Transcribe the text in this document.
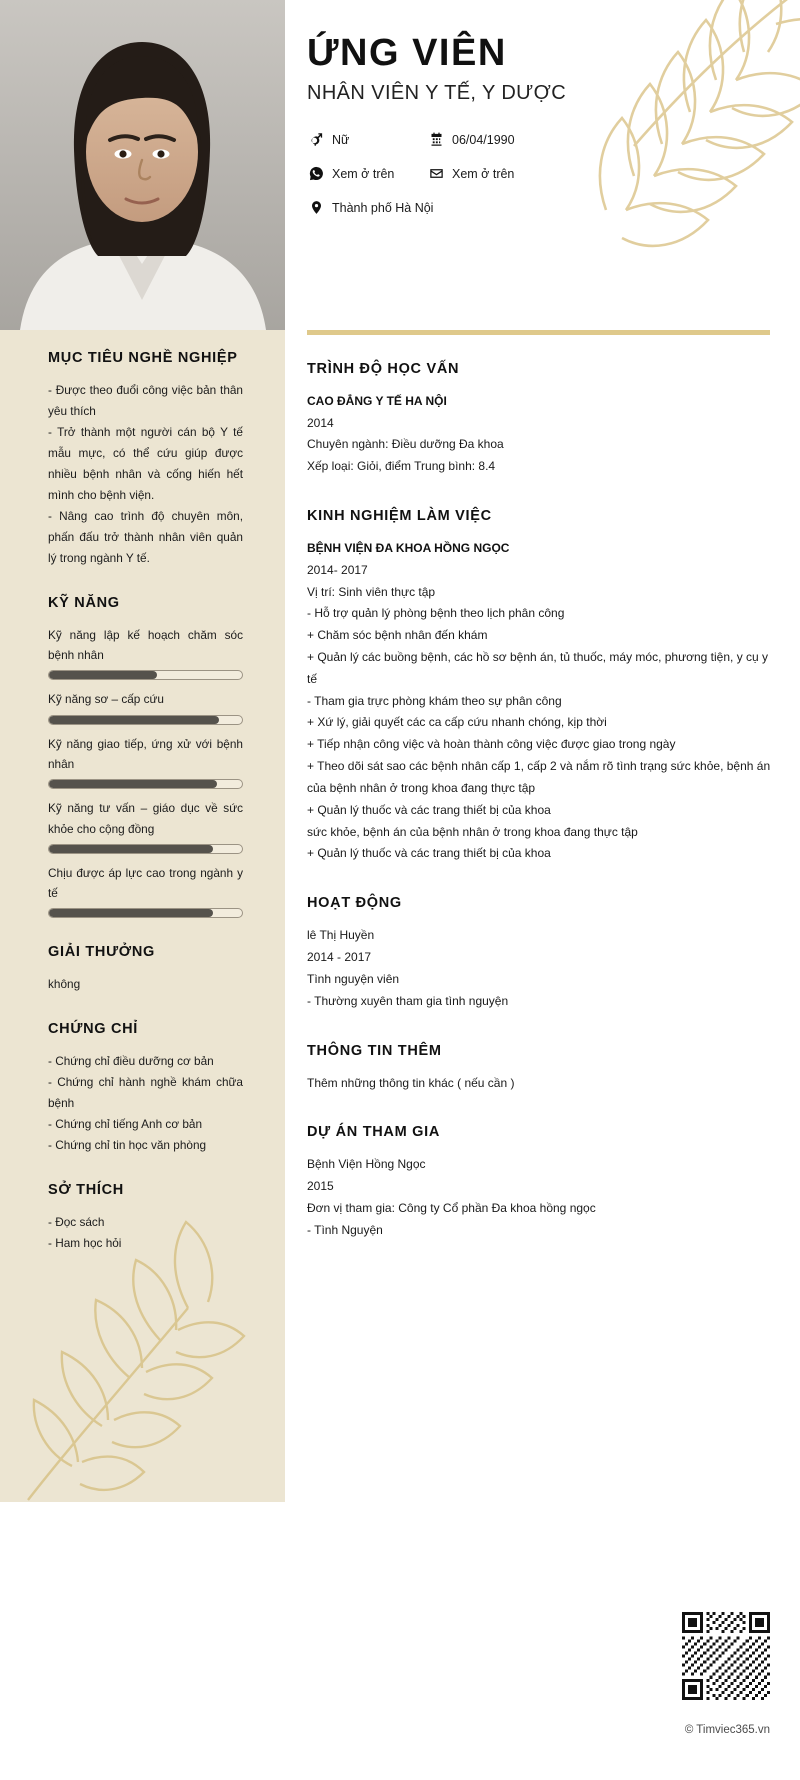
MỤC TIÊU NGHỀ NGHIỆP

- Được theo đuổi công việc bản thân yêu thích

- Trở thành một người cán bộ Y tế mẫu mực, có thể cứu giúp được nhiều bệnh nhân và cống hiến hết mình cho bệnh viện.

- Nâng cao trình độ chuyên môn, phấn đấu trở thành nhân viên quản lý trong ngành Y tế.

KỸ NĂNG
Kỹ năng lập kế hoạch chăm sóc bệnh nhân
Kỹ năng sơ – cấp cứu
Kỹ năng giao tiếp, ứng xử với bệnh nhân
Kỹ năng tư vấn – giáo dục về sức khỏe cho cộng đồng
Chịu được áp lực cao trong ngành y tế
GIẢI THƯỞNG

không

CHỨNG CHỈ

- Chứng chỉ điều dưỡng cơ bản

- Chứng chỉ hành nghề khám chữa bệnh

- Chứng chỉ tiếng Anh cơ bản

- Chứng chỉ tin học văn phòng

SỞ THÍCH

- Đọc sách

- Ham học hỏi

ỨNG VIÊN
NHÂN VIÊN Y TẾ, Y DƯỢC
Nữ	06/04/1990
Xem ở trên	Xem ở trên
Thành phố Hà Nội
TRÌNH ĐỘ HỌC VẤN
CAO ĐẲNG Y TẾ HA NỘI
2014
Chuyên ngành: Điều dưỡng Đa khoa
Xếp loại: Giỏi, điểm Trung bình: 8.4
KINH NGHIỆM LÀM VIỆC
BỆNH VIỆN ĐA KHOA HỒNG NGỌC
2014- 2017
Vị trí: Sinh viên thực tập
- Hỗ trợ quản lý phòng bệnh theo lịch phân công
+ Chăm sóc bệnh nhân đến khám
+ Quản lý các buồng bệnh, các hồ sơ bệnh án, tủ thuốc, máy móc, phương tiện, y cụ y tế
- Tham gia trực phòng khám theo sự phân công
+ Xứ lý, giải quyết các ca cấp cứu nhanh chóng, kịp thời
+ Tiếp nhận công việc và hoàn thành công việc được giao trong ngày
+ Theo dõi sát sao các bệnh nhân cấp 1, cấp 2 và nắm rõ tình trạng sức khỏe, bệnh án của bệnh nhân ở trong khoa đang thực tập
+ Quản lý thuốc và các trang thiết bị của khoa
sức khỏe, bệnh án của bệnh nhân ở trong khoa đang thực tập
+ Quản lý thuốc và các trang thiết bị của khoa
HOẠT ĐỘNG
lê Thị Huyền
2014 - 2017
Tình nguyện viên
- Thường xuyên tham gia tình nguyện
THÔNG TIN THÊM
Thêm những thông tin khác ( nếu cần )
DỰ ÁN THAM GIA
Bệnh Viện Hồng Ngọc
2015
Đơn vị tham gia: Công ty Cổ phần Đa khoa hồng ngọc
- Tình Nguyện
© Timviec365.vn
